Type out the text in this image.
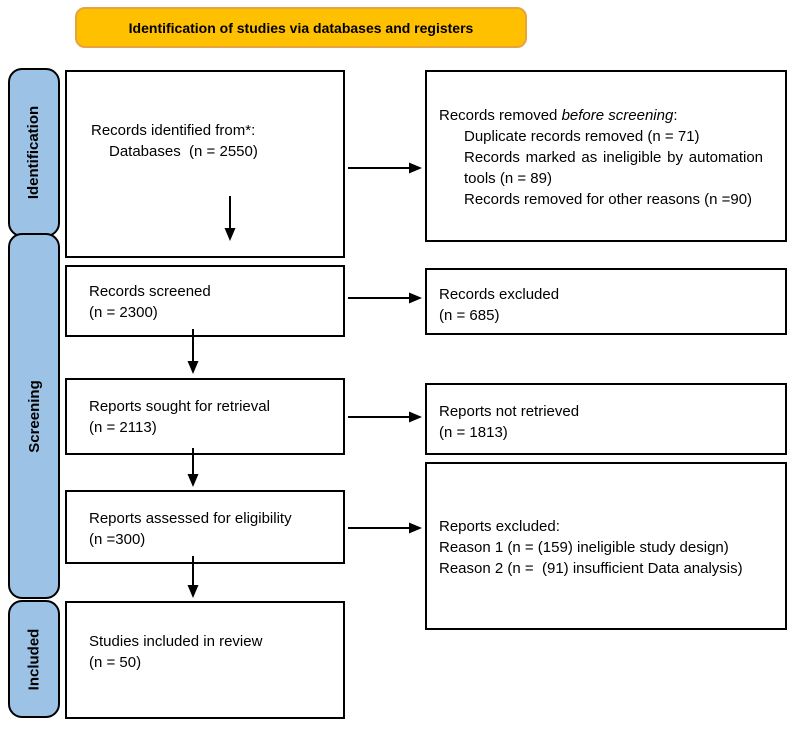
Identification of studies via databases and registers
Identification
Screening
Included
Records identified from*:
Databases  (n = 2550)
Records screened
(n = 2300)
Reports sought for retrieval
(n = 2113)
Reports assessed for eligibility
(n =300)
Studies included in review
(n = 50)
Records removed before screening:
Duplicate records removed (n = 71)
Records marked as ineligible by automation tools (n = 89)
Records removed for other reasons (n =90)
Records excluded
(n = 685)
Reports not retrieved
(n = 1813)
Reports excluded:
Reason 1 (n = (159) ineligible study design)
Reason 2 (n =  (91) insufficient Data analysis)
